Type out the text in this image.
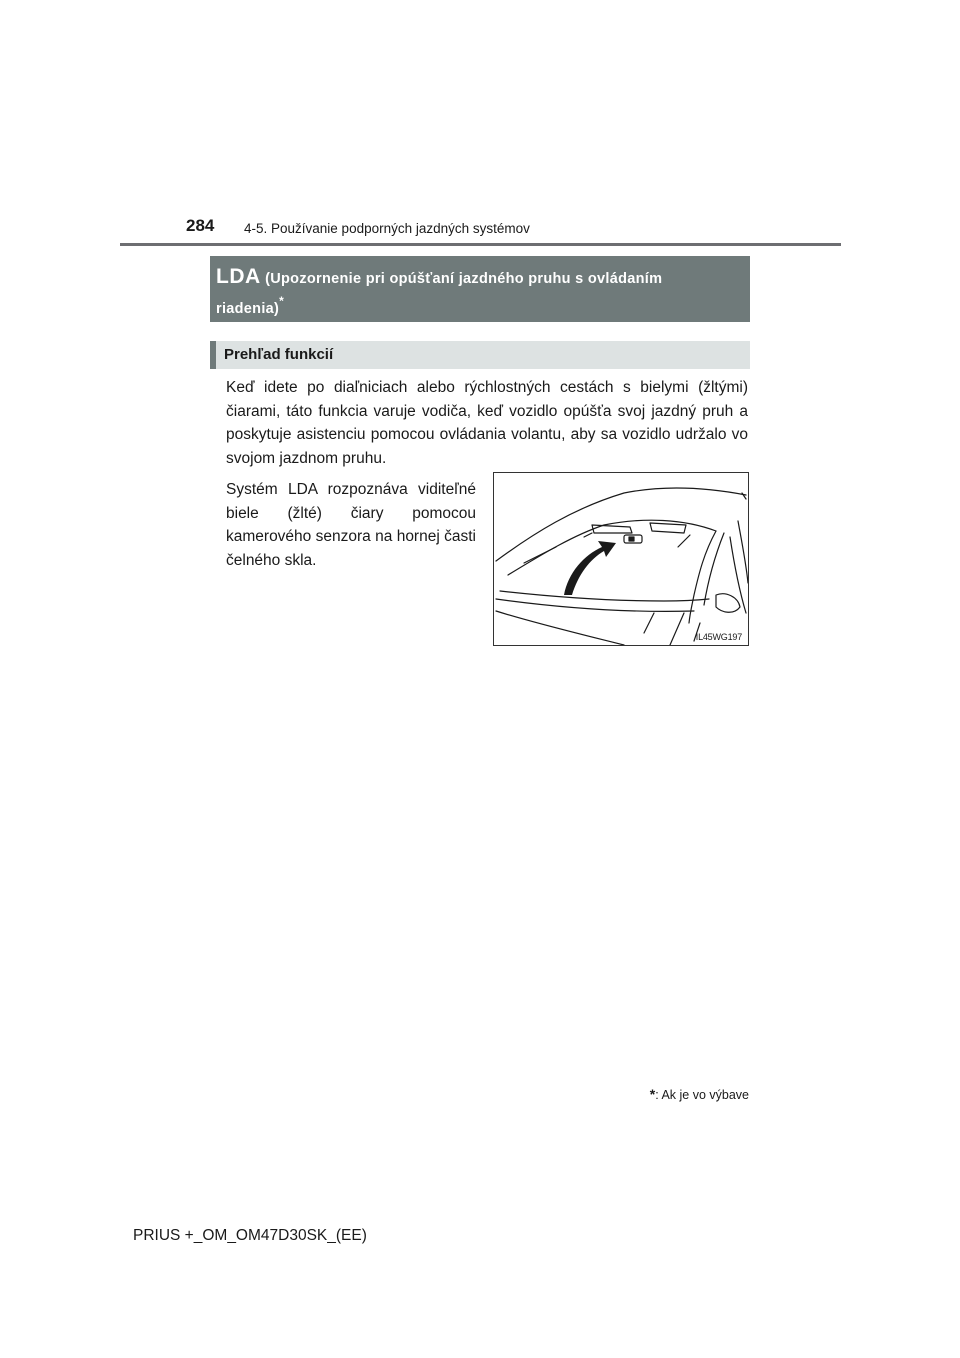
284 4-5. Používanie podporných jazdných systémov
LDA (Upozornenie pri opúšťaní jazdného pruhu s ovládaním
riadenia)*
Prehľad funkcií

Keď idete po diaľniciach alebo rýchlostných cestách s bielymi (žltými) čiarami, táto funkcia varuje vodiča, keď vozidlo opúšťa svoj jazdný pruh a poskytuje asistenciu pomocou ovládania volantu, aby sa vozidlo udržalo vo svojom jazdnom pruhu.

Systém LDA rozpoznáva viditeľné biele (žlté) čiary pomocou kamerového senzora na hornej časti čelného skla.

IL45WG197
*: Ak je vo výbave
PRIUS +_OM_OM47D30SK_(EE)
